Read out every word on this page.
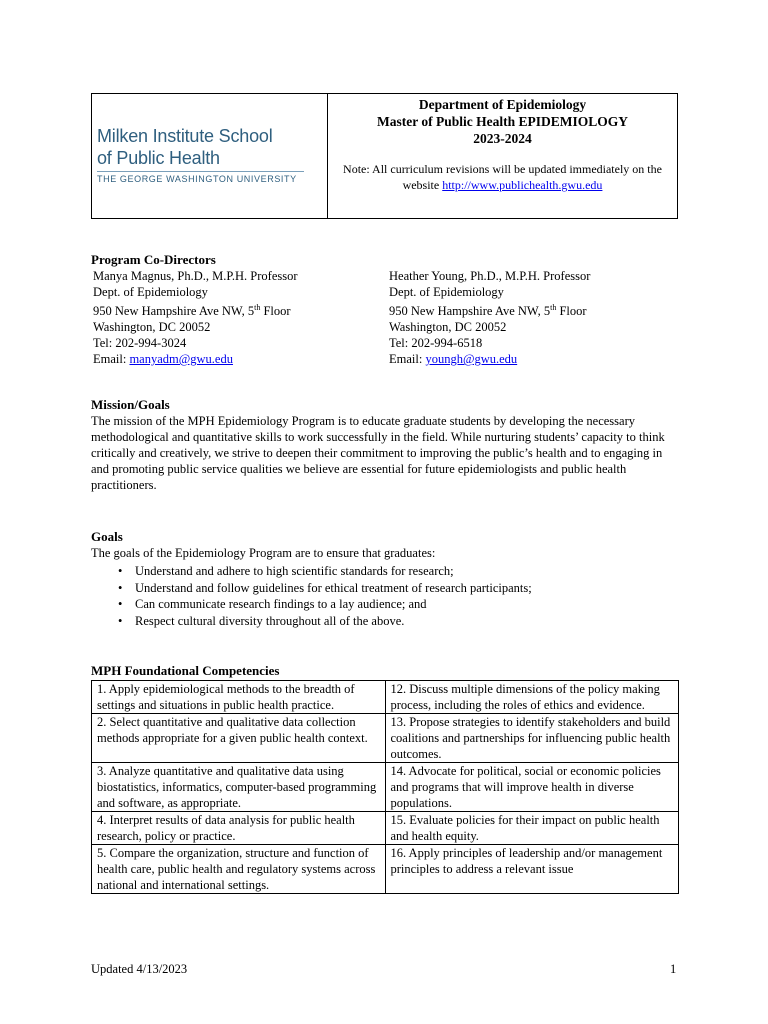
Milken Institute School
of Public Health
THE GEORGE WASHINGTON UNIVERSITY
Department of Epidemiology
Master of Public Health EPIDEMIOLOGY
2023-2024
Note: All curriculum revisions will be updated immediately on the website http://www.publichealth.gwu.edu
Program Co-Directors
Manya Magnus, Ph.D., M.P.H. Professor
Dept. of Epidemiology
950 New Hampshire Ave NW, 5th Floor
Washington, DC 20052
Tel: 202-994-3024
Email: manyadm@gwu.edu
Heather Young, Ph.D., M.P.H. Professor
Dept. of Epidemiology
950 New Hampshire Ave NW, 5th Floor
Washington, DC 20052
Tel: 202-994-6518
Email: youngh@gwu.edu
Mission/Goals
The mission of the MPH Epidemiology Program is to educate graduate students by developing the necessary methodological and quantitative skills to work successfully in the field. While nurturing students’ capacity to think critically and creatively, we strive to deepen their commitment to improving the public’s health and to engaging in and promoting public service qualities we believe are essential for future epidemiologists and public health practitioners.
Goals
The goals of the Epidemiology Program are to ensure that graduates:
• Understand and adhere to high scientific standards for research;
• Understand and follow guidelines for ethical treatment of research participants;
• Can communicate research findings to a lay audience; and
• Respect cultural diversity throughout all of the above.
MPH Foundational Competencies
1. Apply epidemiological methods to the breadth of settings and situations in public health practice.	12. Discuss multiple dimensions of the policy making process, including the roles of ethics and evidence.
2. Select quantitative and qualitative data collection methods appropriate for a given public health context.	13. Propose strategies to identify stakeholders and build coalitions and partnerships for influencing public health outcomes.
3. Analyze quantitative and qualitative data using biostatistics, informatics, computer-based programming and software, as appropriate.	14. Advocate for political, social or economic policies and programs that will improve health in diverse populations.
4. Interpret results of data analysis for public health research, policy or practice.	15. Evaluate policies for their impact on public health and health equity.
5. Compare the organization, structure and function of health care, public health and regulatory systems across national and international settings.	16. Apply principles of leadership and/or management principles to address a relevant issue
Updated 4/13/2023	1
